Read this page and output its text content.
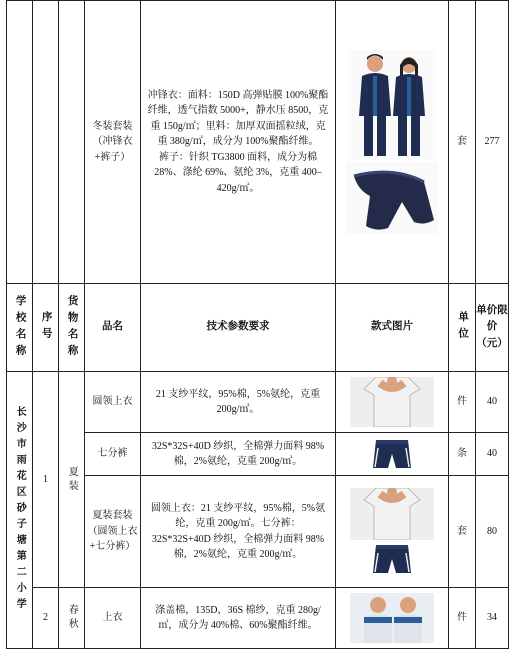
			冬装套装（冲锋衣+裤子）	冲锋衣：面料：150D 高弹贴膜 100%聚酯纤维，透气指数 5000+，静水压 8500，克重 150g/㎡；里料：加厚双面摇粒绒，克重 380g/㎡，成分为 100%聚酯纤维。

裤子：针织 TG3800 面料，成分为棉 28%、涤纶 69%、氨纶 3%，克重 400–420g/㎡。		套	277

学校名称	序号	货物名称	品名	技术参数要求	款式图片	单位	单价限价（元）

长沙市雨花区砂子塘第二小学	1	夏装	圆领上衣	21 支纱平纹，95%棉，5%氨纶，克重 200g/㎡。		件	40
			七分裤	32S*32S+40D 纱织，全棉弹力面料 98%棉，2%氨纶，克重 200g/㎡。		条	40
			夏装套装（圆领上衣+七分裤）	圆领上衣：21 支纱平纹，95%棉，5%氨纶，克重 200g/㎡。七分裤：32S*32S+40D 纱织，全棉弹力面料 98%棉，2%氨纶，克重 200g/㎡。		套	80
	2	春秋	上衣	涤盖棉，135D，36S 棉纱，克重 280g/㎡，成分为 40%棉、60%聚酯纤维。		件	34
